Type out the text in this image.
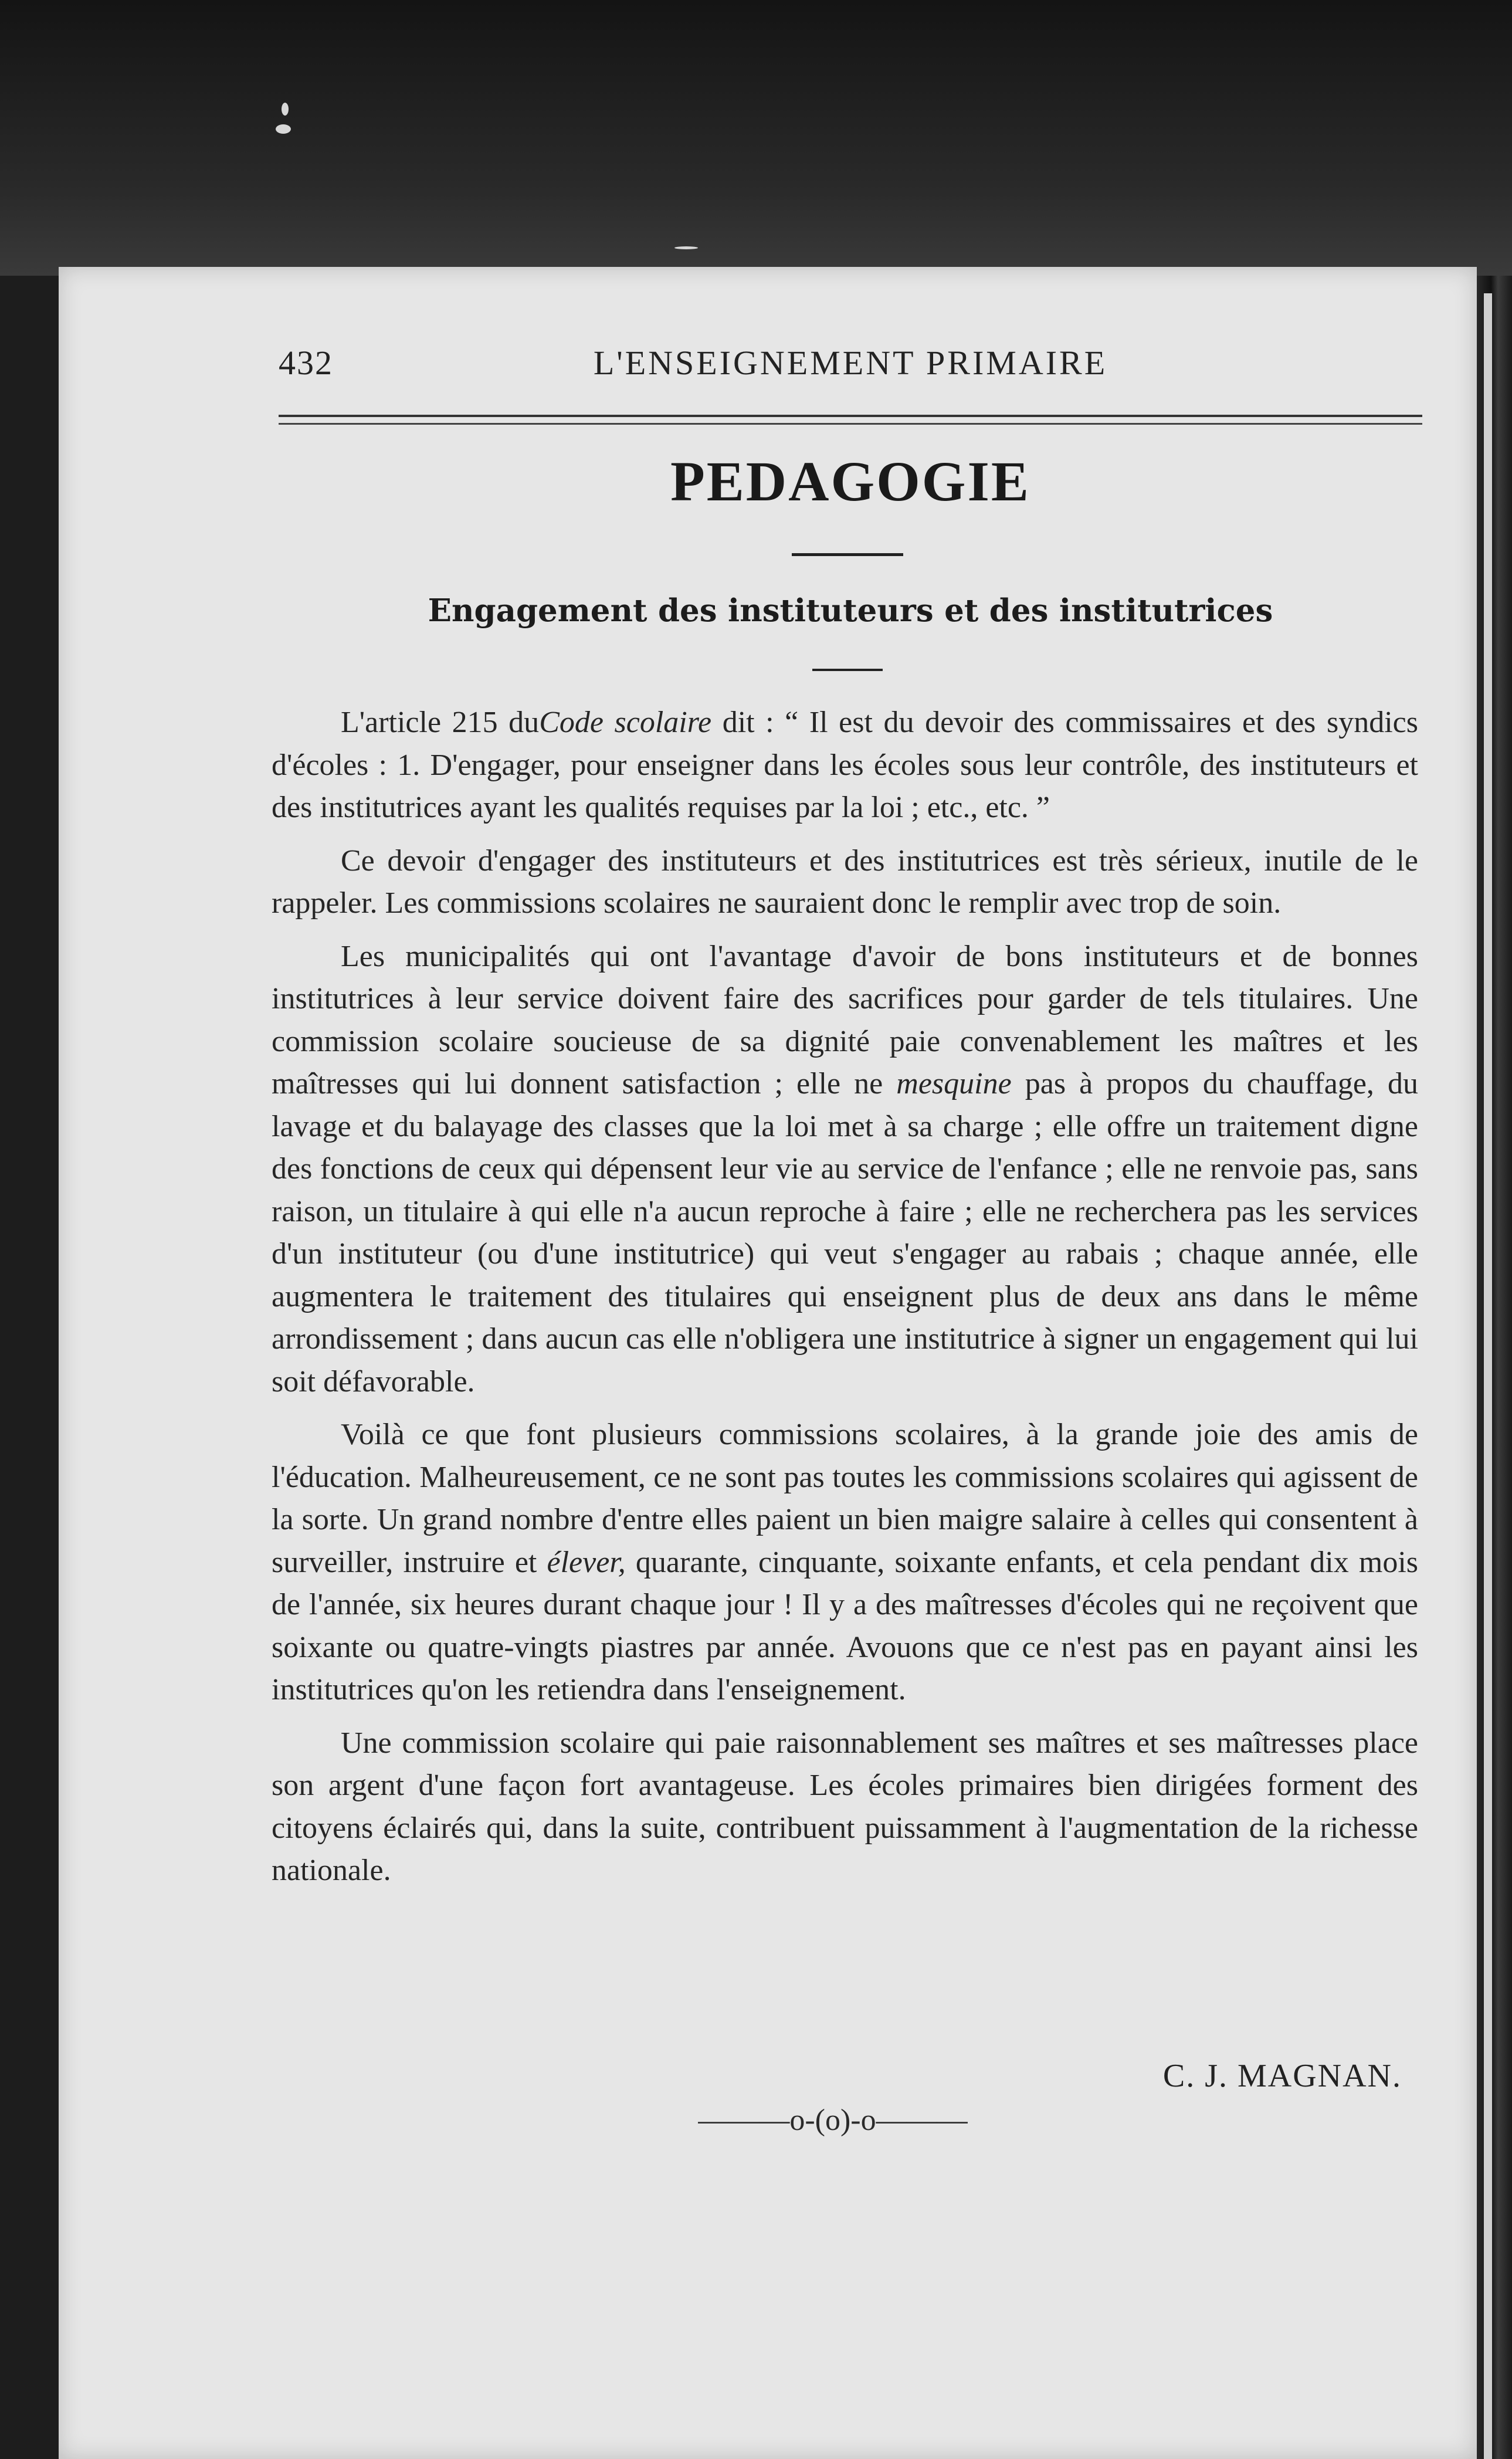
432	L'ENSEIGNEMENT PRIMAIRE
PEDAGOGIE
Engagement des instituteurs et des institutrices

L'article 215 duCode scolaire dit : “ Il est du devoir des commissaires et des syndics d'écoles : 1. D'engager, pour enseigner dans les écoles sous leur contrôle, des instituteurs et des institutrices ayant les qualités requises par la loi ; etc., etc. ”

Ce devoir d'engager des instituteurs et des institutrices est très sérieux, inutile de le rappeler. Les commissions scolaires ne sauraient donc le remplir avec trop de soin.

Les municipalités qui ont l'avantage d'avoir de bons instituteurs et de bonnes institutrices à leur service doivent faire des sacrifices pour garder de tels titulaires. Une commission scolaire soucieuse de sa dignité paie convenablement les maîtres et les maîtresses qui lui donnent satisfaction ; elle ne mesquine pas à propos du chauffage, du lavage et du balayage des classes que la loi met à sa charge ; elle offre un traitement digne des fonctions de ceux qui dépensent leur vie au service de l'enfance ; elle ne renvoie pas, sans raison, un titulaire à qui elle n'a aucun reproche à faire ; elle ne recherchera pas les services d'un instituteur (ou d'une institutrice) qui veut s'engager au rabais ; chaque année, elle augmentera le traitement des titulaires qui enseignent plus de deux ans dans le même arrondissement ; dans aucun cas elle n'obligera une institutrice à signer un engagement qui lui soit défavorable.

Voilà ce que font plusieurs commissions scolaires, à la grande joie des amis de l'éducation. Malheureusement, ce ne sont pas toutes les commissions scolaires qui agissent de la sorte. Un grand nombre d'entre elles paient un bien maigre salaire à celles qui consentent à surveiller, instruire et élever, quarante, cinquante, soixante enfants, et cela pendant dix mois de l'année, six heures durant chaque jour ! Il y a des maîtresses d'écoles qui ne reçoivent que soixante ou quatre-vingts piastres par année. Avouons que ce n'est pas en payant ainsi les institutrices qu'on les retiendra dans l'enseignement.

Une commission scolaire qui paie raisonnablement ses maîtres et ses maîtresses place son argent d'une façon fort avantageuse. Les écoles primaires bien dirigées forment des citoyens éclairés qui, dans la suite, contribuent puissamment à l'augmentation de la richesse nationale.

C. J. MAGNAN.
———o-(o)-o———
